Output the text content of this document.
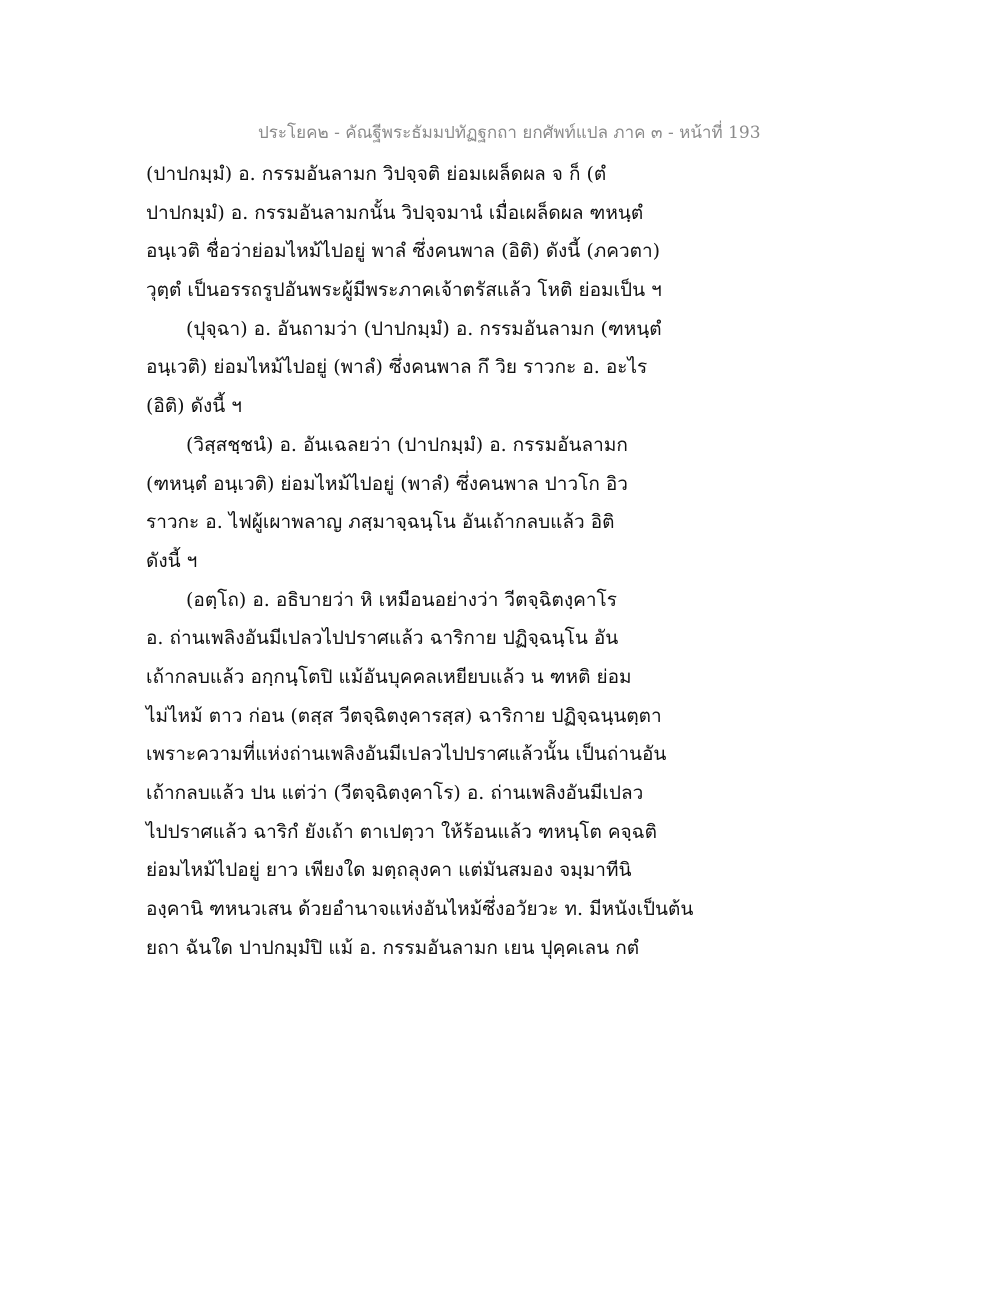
ประโยค๒ - คัณฐีพระธัมมปทัฏฐกถา ยกศัพท์แปล ภาค ๓ - หน้าที่ 193
(ปาปกมฺมํ) อ. กรรมอันลามก วิปจฺจติ ย่อมเผล็ดผล จ ก็ (ตํ
ปาปกมฺมํ) อ. กรรมอันลามกนั้น วิปจฺจมานํ เมื่อเผล็ดผล ฑหนฺตํ
อนฺเวติ ชื่อว่าย่อมไหม้ไปอยู่ พาลํ ซึ่งคนพาล (อิติ) ดังนี้ (ภควตา)
วุตฺตํ เป็นอรรถรูปอันพระผู้มีพระภาคเจ้าตรัสแล้ว โหติ ย่อมเป็น ฯ
(ปุจฺฉา) อ. อันถามว่า (ปาปกมฺมํ) อ. กรรมอันลามก (ฑหนฺตํ
อนฺเวติ) ย่อมไหม้ไปอยู่ (พาลํ) ซึ่งคนพาล กึ วิย ราวกะ อ. อะไร
(อิติ) ดังนี้ ฯ
(วิสฺสชฺชนํ) อ. อันเฉลยว่า (ปาปกมฺมํ) อ. กรรมอันลามก
(ฑหนฺตํ อนฺเวติ) ย่อมไหม้ไปอยู่ (พาลํ) ซึ่งคนพาล ปาวโก อิว
ราวกะ อ. ไฟผู้เผาพลาญ ภสฺมาจฺฉนฺโน อันเถ้ากลบแล้ว อิติ
ดังนี้ ฯ
(อตฺโถ) อ. อธิบายว่า หิ เหมือนอย่างว่า วีตจฺฉิตงฺคาโร
อ. ถ่านเพลิงอันมีเปลวไปปราศแล้ว ฉาริกาย ปฏิจฺฉนฺโน อัน
เถ้ากลบแล้ว อกฺกนฺโตปิ แม้อันบุคคลเหยียบแล้ว น ฑหติ ย่อม
ไม่ไหม้ ตาว ก่อน (ตสฺส วีตจฺฉิตงฺคารสฺส) ฉาริกาย ปฏิจฺฉนฺนตฺตา
เพราะความที่แห่งถ่านเพลิงอันมีเปลวไปปราศแล้วนั้น เป็นถ่านอัน
เถ้ากลบแล้ว ปน แต่ว่า (วีตจฺฉิตงฺคาโร) อ. ถ่านเพลิงอันมีเปลว
ไปปราศแล้ว ฉาริกํ ยังเถ้า ตาเปตฺวา ให้ร้อนแล้ว ฑหนฺโต คจฺฉติ
ย่อมไหม้ไปอยู่ ยาว เพียงใด มตฺถลุงคา แต่มันสมอง จมฺมาทีนิ
องฺคานิ ฑหนวเสน ด้วยอำนาจแห่งอันไหม้ซึ่งอวัยวะ ท. มีหนังเป็นต้น
ยถา ฉันใด ปาปกมฺมํปิ แม้ อ. กรรมอันลามก เยน ปุคฺคเลน กตํ
